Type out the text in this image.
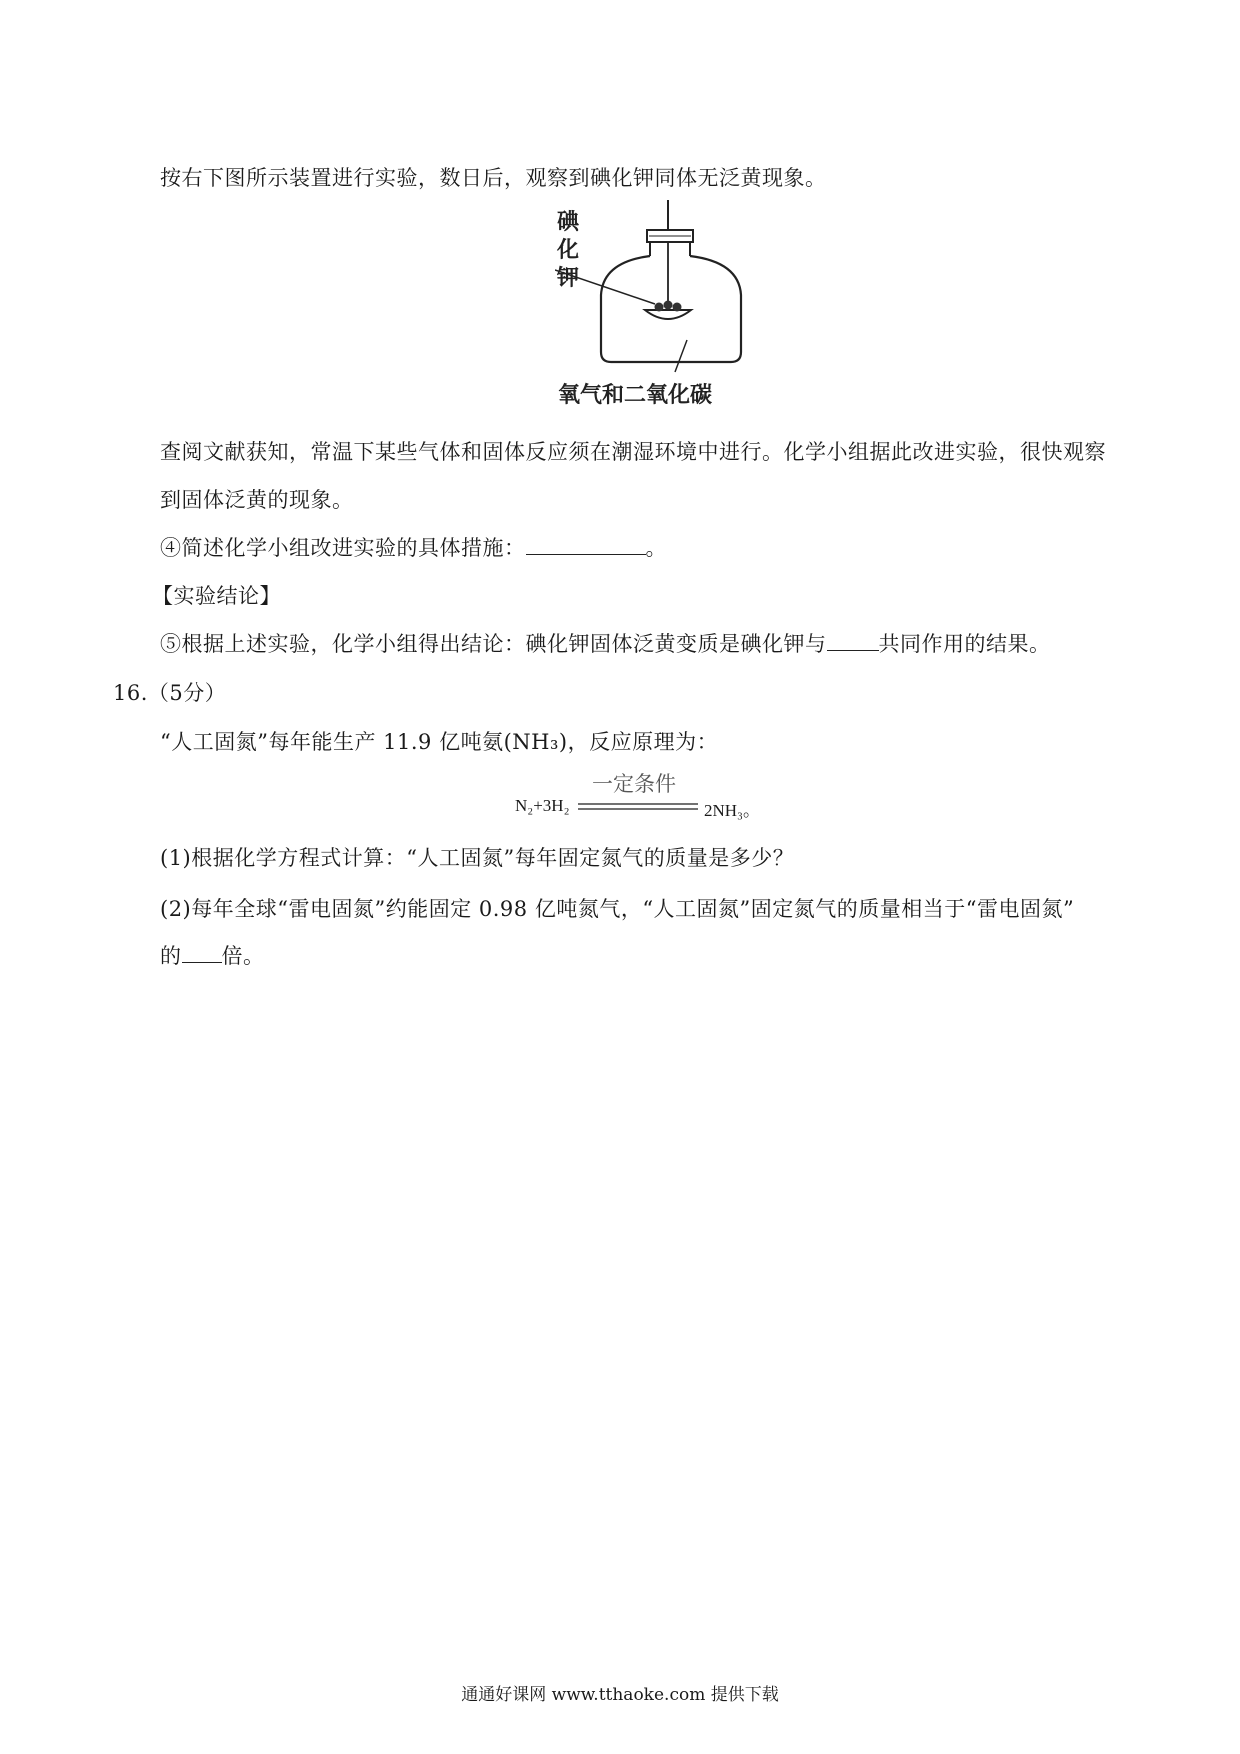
按右下图所示装置进行实验，数日后，观察到碘化钾同体无泛黄现象。
碘
化
钾
氧气和二氧化碳
查阅文献获知，常温下某些气体和固体反应须在潮湿环境中进行。化学小组据此改进实验，很快观察
到固体泛黄的现象。
④简述化学小组改进实验的具体措施：	。
【实验结论】
⑤根据上述实验，化学小组得出结论：碘化钾固体泛黄变质是碘化钾与 共同作用的结果。
16.（5分）
“人工固氮”每年能生产 11.9 亿吨氨(NH₃)，反应原理为：
N₂+3H₂
一定条件
2NH₃。
(1)根据化学方程式计算：“人工固氮”每年固定氮气的质量是多少？
(2)每年全球“雷电固氮”约能固定 0.98 亿吨氮气，“人工固氮”固定氮气的质量相当于“雷电固氮”
的 倍。
通通好课网 www.tthaoke.com 提供下载
